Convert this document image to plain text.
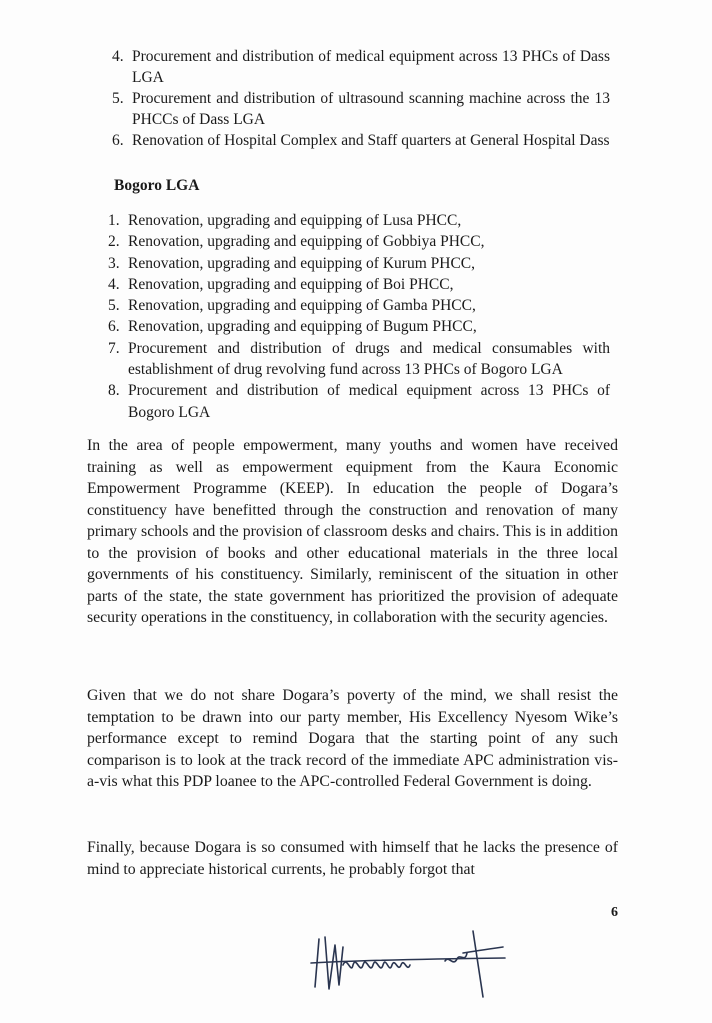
4. Procurement and distribution of medical equipment across 13 PHCs of Dass LGA
5. Procurement and distribution of ultrasound scanning machine across the 13 PHCCs of Dass LGA
6. Renovation of Hospital Complex and Staff quarters at General Hospital Dass
Bogoro LGA
1. Renovation, upgrading and equipping of Lusa PHCC,
2. Renovation, upgrading and equipping of Gobbiya PHCC,
3. Renovation, upgrading and equipping of Kurum PHCC,
4. Renovation, upgrading and equipping of Boi PHCC,
5. Renovation, upgrading and equipping of Gamba PHCC,
6. Renovation, upgrading and equipping of Bugum PHCC,
7. Procurement and distribution of drugs and medical consumables with establishment of drug revolving fund across 13 PHCs of Bogoro LGA
8. Procurement and distribution of medical equipment across 13 PHCs of Bogoro LGA

In the area of people empowerment, many youths and women have received training as well as empowerment equipment from the Kaura Economic Empowerment Programme (KEEP). In education the people of Dogara’s constituency have benefitted through the construction and renovation of many primary schools and the provision of classroom desks and chairs. This is in addition to the provision of books and other educational materials in the three local governments of his constituency. Similarly, reminiscent of the situation in other parts of the state, the state government has prioritized the provision of adequate security operations in the constituency, in collaboration with the security agencies.

Given that we do not share Dogara’s poverty of the mind, we shall resist the temptation to be drawn into our party member, His Excellency Nyesom Wike’s performance except to remind Dogara that the starting point of any such comparison is to look at the track record of the immediate APC administration vis-a-vis what this PDP loanee to the APC-controlled Federal Government is doing.

Finally, because Dogara is so consumed with himself that he lacks the presence of mind to appreciate historical currents, he probably forgot that

6
